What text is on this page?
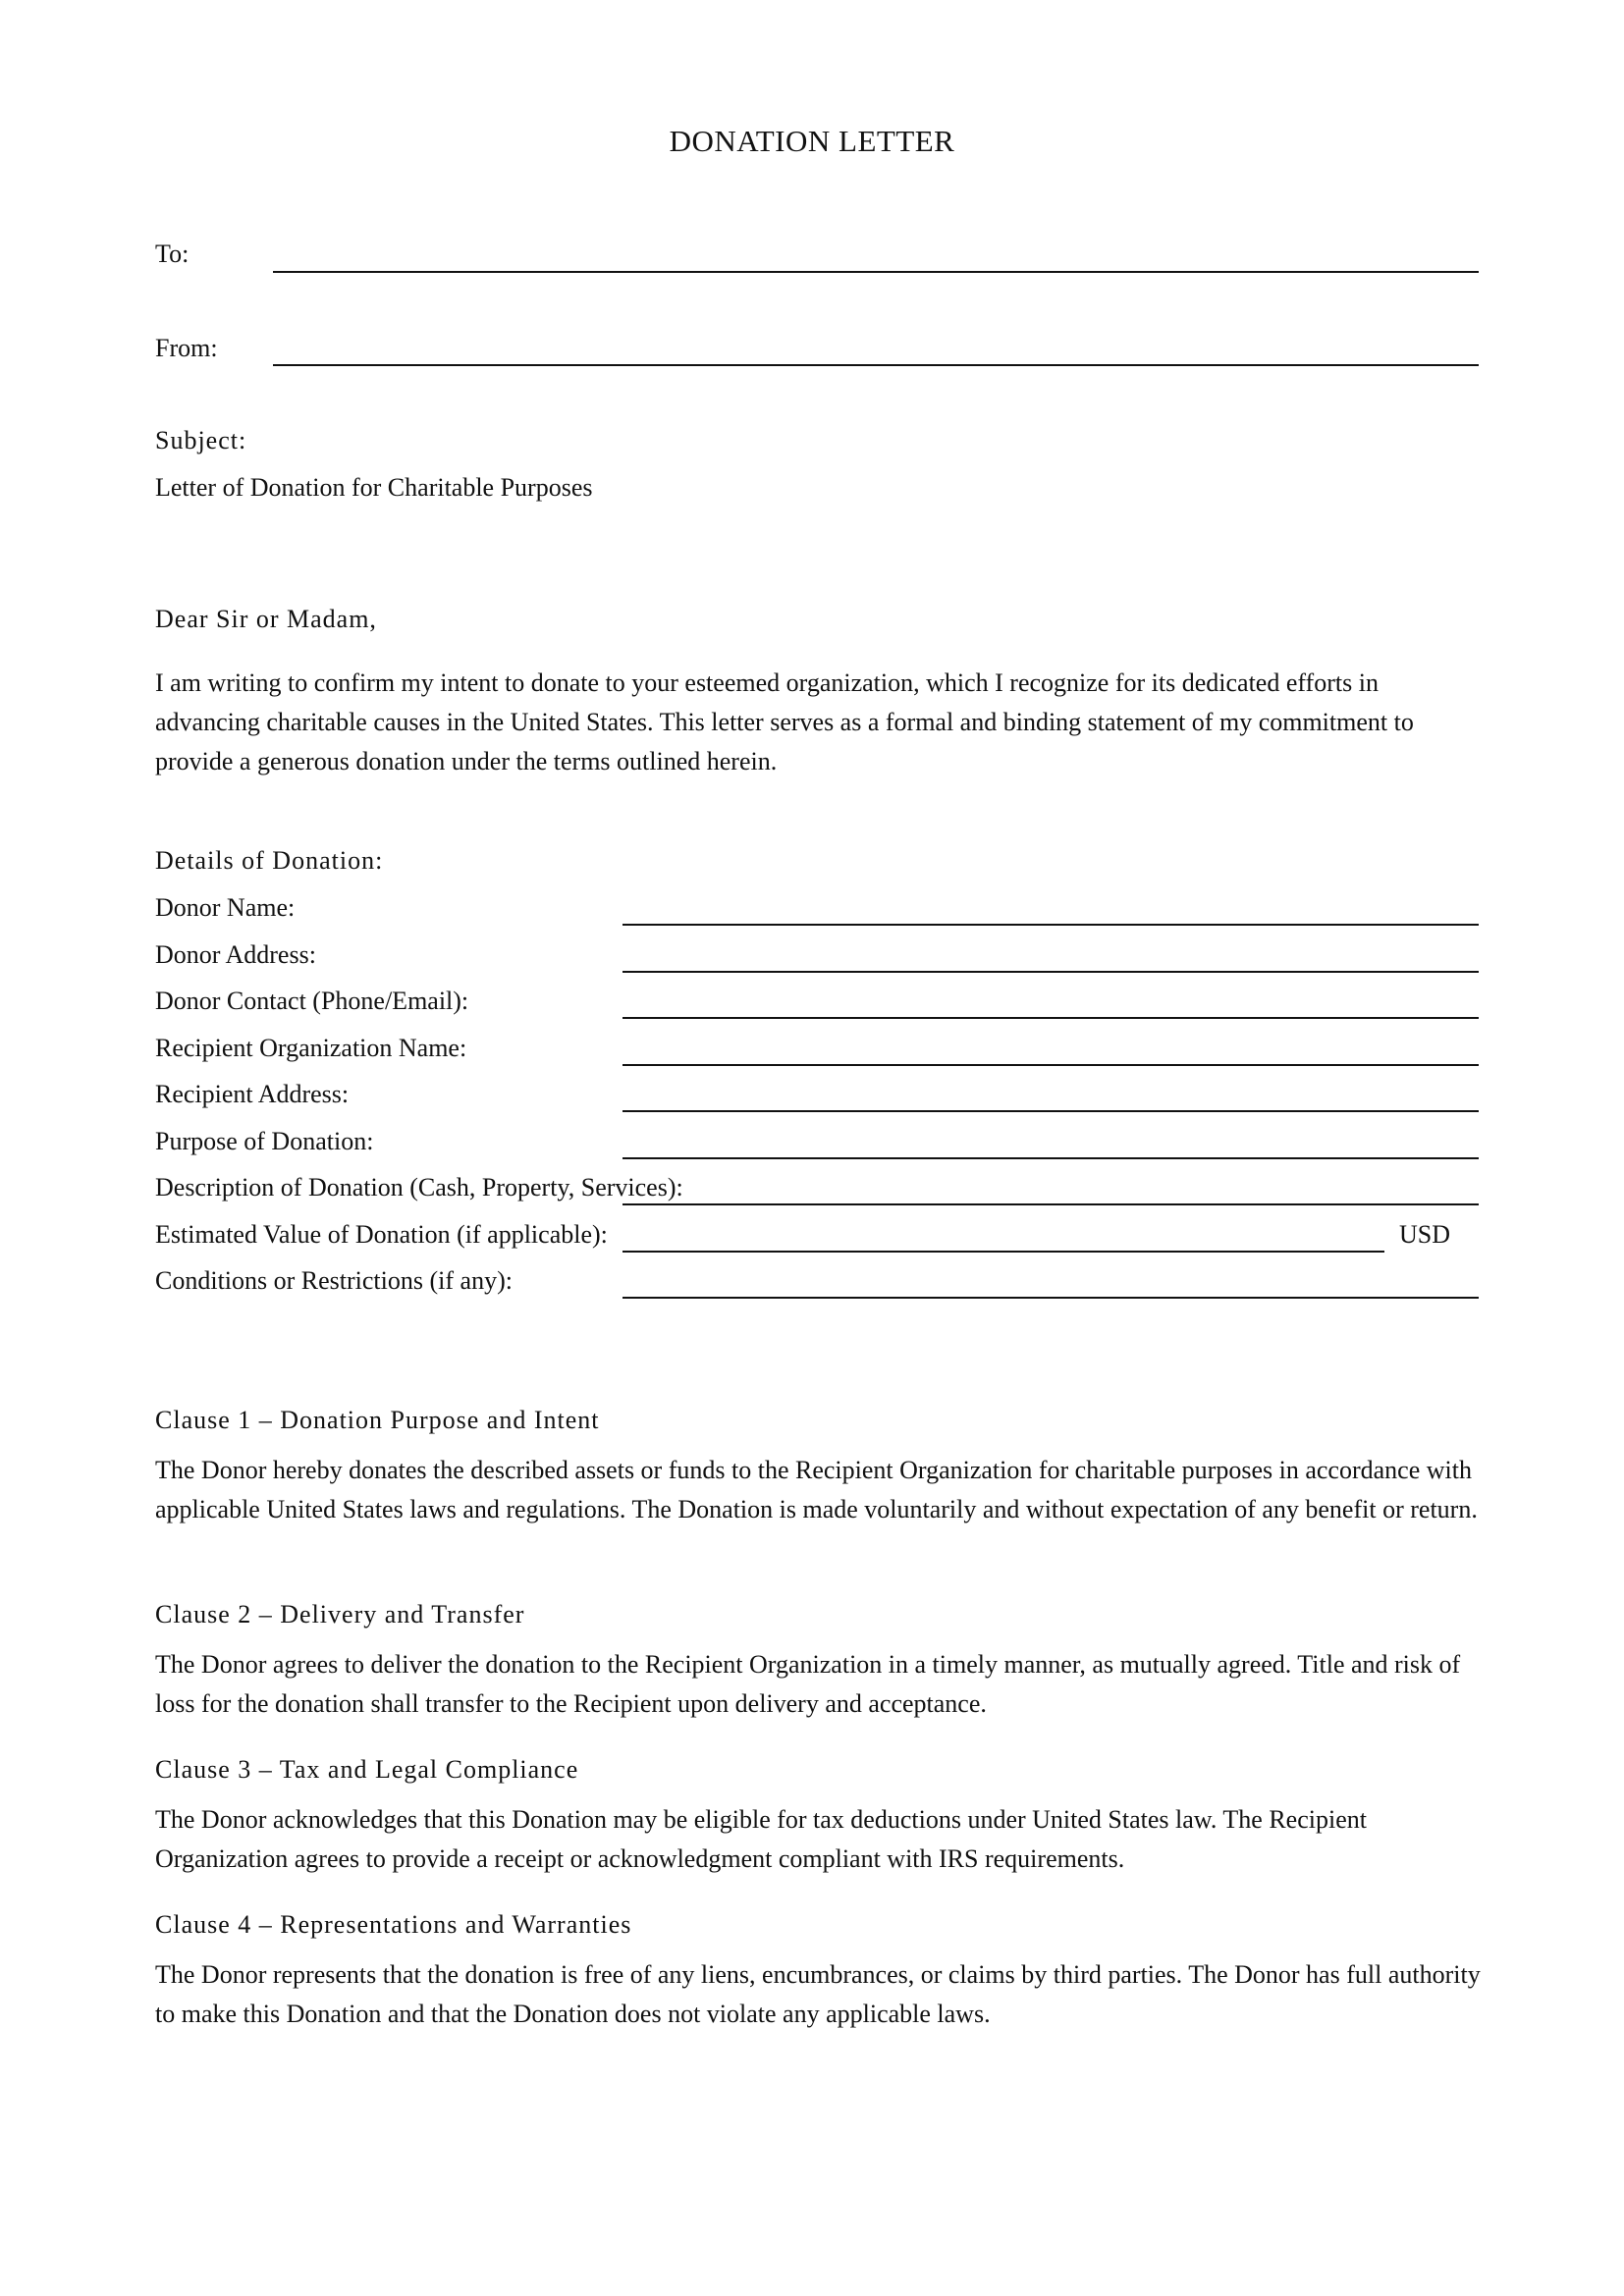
DONATION LETTER
To:
From:
Subject:
Letter of Donation for Charitable Purposes
Dear Sir or Madam,
I am writing to confirm my intent to donate to your esteemed organization, which I recognize for its dedicated efforts in advancing charitable causes in the United States. This letter serves as a formal and binding statement of my commitment to provide a generous donation under the terms outlined herein.
Details of Donation:
Donor Name:
Donor Address:
Donor Contact (Phone/Email):
Recipient Organization Name:
Recipient Address:
Purpose of Donation:
Description of Donation (Cash, Property, Services):
Estimated Value of Donation (if applicable):	USD
Conditions or Restrictions (if any):
Clause 1 – Donation Purpose and Intent
The Donor hereby donates the described assets or funds to the Recipient Organization for charitable purposes in accordance with applicable United States laws and regulations. The Donation is made voluntarily and without expectation of any benefit or return.
Clause 2 – Delivery and Transfer
The Donor agrees to deliver the donation to the Recipient Organization in a timely manner, as mutually agreed. Title and risk of loss for the donation shall transfer to the Recipient upon delivery and acceptance.
Clause 3 – Tax and Legal Compliance
The Donor acknowledges that this Donation may be eligible for tax deductions under United States law. The Recipient Organization agrees to provide a receipt or acknowledgment compliant with IRS requirements.
Clause 4 – Representations and Warranties
The Donor represents that the donation is free of any liens, encumbrances, or claims by third parties. The Donor has full authority to make this Donation and that the Donation does not violate any applicable laws.
